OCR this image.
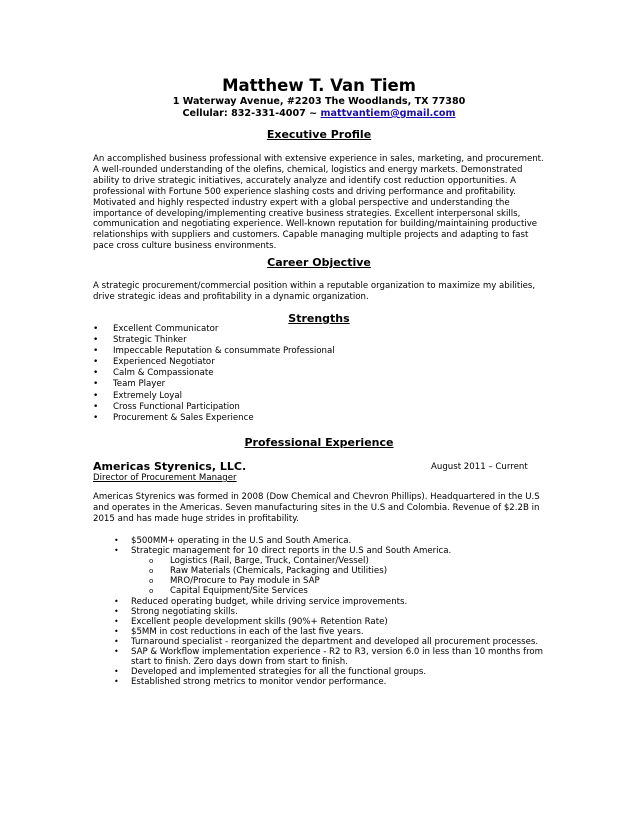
Matthew T. Van Tiem
1 Waterway Avenue, #2203 The Woodlands, TX 77380
Cellular: 832-331-4007 ~ mattvantiem@gmail.com
Executive Profile

An accomplished business professional with extensive experience in sales, marketing, and procurement. A well-rounded understanding of the olefins, chemical, logistics and energy markets. Demonstrated ability to drive strategic initiatives, accurately analyze and identify cost reduction opportunities. A professional with Fortune 500 experience slashing costs and driving performance and profitability. Motivated and highly respected industry expert with a global perspective and understanding the importance of developing/implementing creative business strategies. Excellent interpersonal skills, communication and negotiating experience. Well-known reputation for building/maintaining productive relationships with suppliers and customers. Capable managing multiple projects and adapting to fast pace cross culture business environments.

Career Objective

A strategic procurement/commercial position within a reputable organization to maximize my abilities, drive strategic ideas and profitability in a dynamic organization.

Strengths
• Excellent Communicator
• Strategic Thinker
• Impeccable Reputation & consummate Professional
• Experienced Negotiator
• Calm & Compassionate
• Team Player
• Extremely Loyal
• Cross Functional Participation
• Procurement & Sales Experience
Professional Experience
Americas Styrenics, LLC.	August 2011 – Current
Director of Procurement Manager

Americas Styrenics was formed in 2008 (Dow Chemical and Chevron Phillips). Headquartered in the U.S and operates in the Americas. Seven manufacturing sites in the U.S and Colombia. Revenue of $2.2B in 2015 and has made huge strides in profitability.

• $500MM+ operating in the U.S and South America.
• Strategic management for 10 direct reports in the U.S and South America.
o Logistics (Rail, Barge, Truck, Container/Vessel)
o Raw Materials (Chemicals, Packaging and Utilities)
o MRO/Procure to Pay module in SAP
o Capital Equipment/Site Services
• Reduced operating budget, while driving service improvements.
• Strong negotiating skills.
• Excellent people development skills (90%+ Retention Rate)
• $5MM in cost reductions in each of the last five years.
• Turnaround specialist - reorganized the department and developed all procurement processes.
• SAP & Workflow implementation experience - R2 to R3, version 6.0 in less than 10 months from start to finish. Zero days down from start to finish.
• Developed and implemented strategies for all the functional groups.
• Established strong metrics to monitor vendor performance.
